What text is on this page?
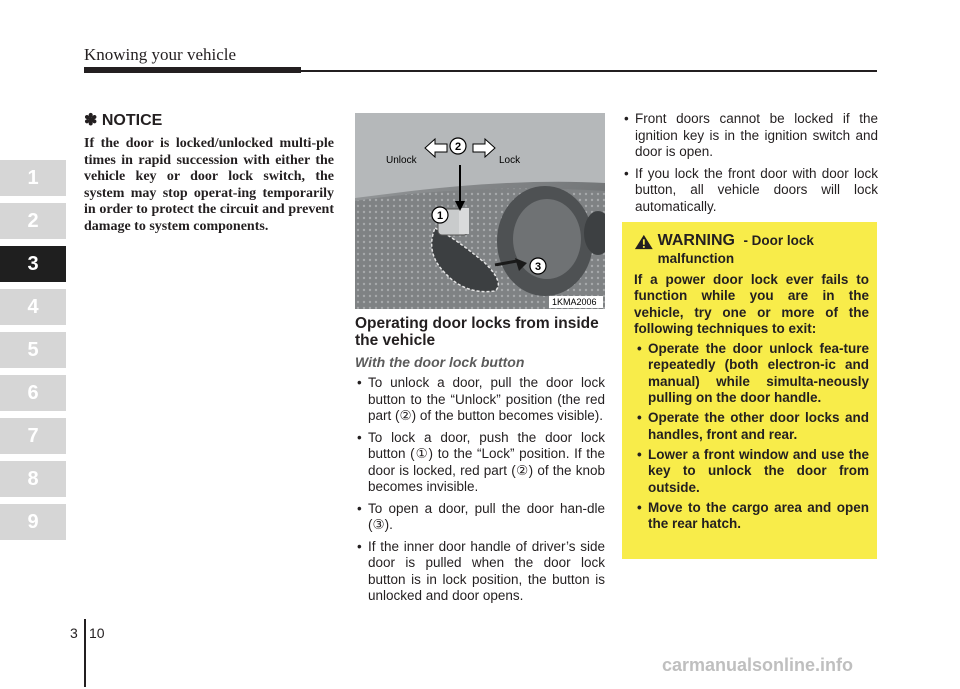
Knowing your vehicle
1
2
3
4
5
6
7
8
9
✽ NOTICE
If the door is locked/unlocked multi-ple times in rapid succession with either the vehicle key or door lock switch, the system may stop operat-ing temporarily in order to protect the circuit and prevent damage to system components.
Unlock	Lock
2
1
3
1KMA2006
Operating door locks from inside the vehicle
With the door lock button
• To unlock a door, pull the door lock button to the “Unlock” position (the red part (②) of the button becomes visible).
• To lock a door, push the door lock button (①) to the “Lock” position. If the door is locked, red part (②) of the knob becomes invisible.
• To open a door, pull the door han-dle (③).
• If the inner door handle of driver’s side door is pulled when the door lock button is in lock position, the button is unlocked and door opens.
• Front doors cannot be locked if the ignition key is in the ignition switch and door is open.
• If you lock the front door with door lock button, all vehicle doors will lock automatically.
WARNING - Door lock malfunction
If a power door lock ever fails to function while you are in the vehicle, try one or more of the following techniques to exit:
• Operate the door unlock fea-ture repeatedly (both electron-ic and manual) while simulta-neously pulling on the door handle.
• Operate the other door locks and handles, front and rear.
• Lower a front window and use the key to unlock the door from outside.
• Move to the cargo area and open the rear hatch.
3 10
carmanualsonline.info
